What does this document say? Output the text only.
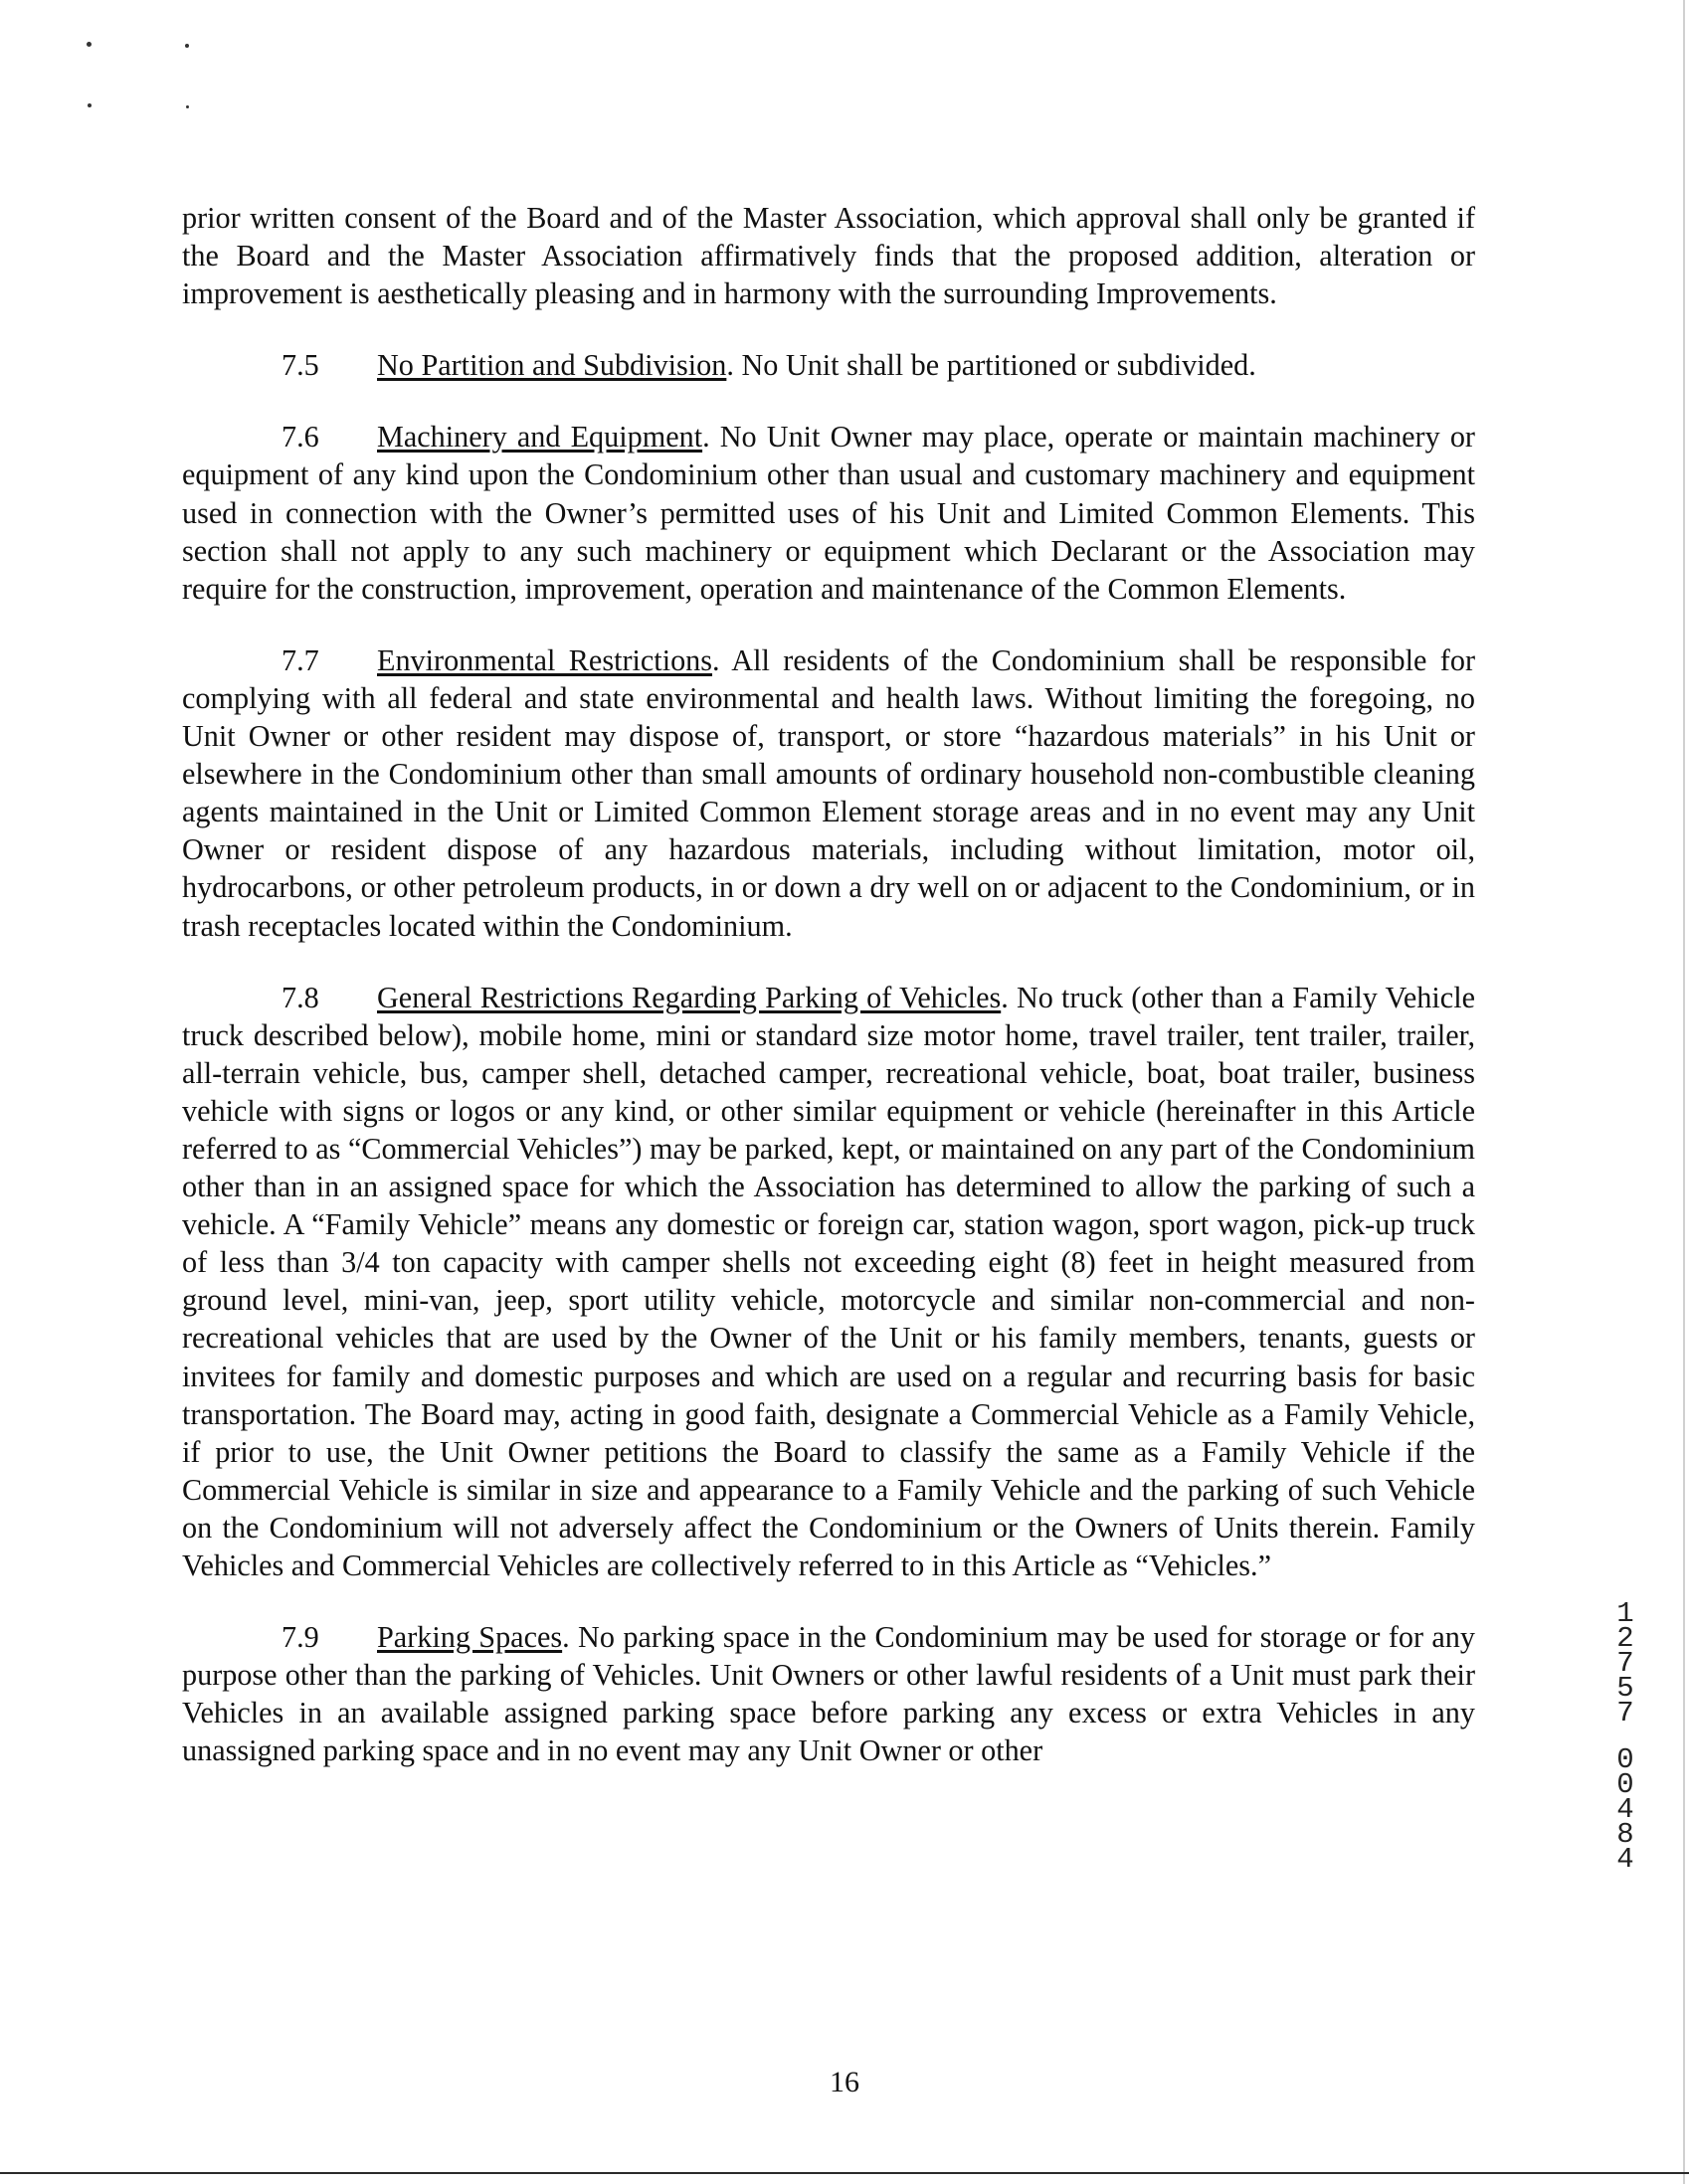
prior written consent of the Board and of the Master Association, which approval shall only be granted if the Board and the Master Association affirmatively finds that the proposed addition, alteration or improvement is aesthetically pleasing and in harmony with the surrounding Improvements.

7.5 No Partition and Subdivision. No Unit shall be partitioned or subdivided.

7.6 Machinery and Equipment. No Unit Owner may place, operate or maintain machinery or equipment of any kind upon the Condominium other than usual and customary machinery and equipment used in connection with the Owner’s permitted uses of his Unit and Limited Common Elements. This section shall not apply to any such machinery or equipment which Declarant or the Association may require for the construction, improvement, operation and maintenance of the Common Elements.

7.7 Environmental Restrictions. All residents of the Condominium shall be responsible for complying with all federal and state environmental and health laws. Without limiting the foregoing, no Unit Owner or other resident may dispose of, transport, or store “hazardous materials” in his Unit or elsewhere in the Condominium other than small amounts of ordinary household non-combustible cleaning agents maintained in the Unit or Limited Common Element storage areas and in no event may any Unit Owner or resident dispose of any hazardous materials, including without limitation, motor oil, hydrocarbons, or other petroleum products, in or down a dry well on or adjacent to the Condominium, or in trash receptacles located within the Condominium.

7.8 General Restrictions Regarding Parking of Vehicles. No truck (other than a Family Vehicle truck described below), mobile home, mini or standard size motor home, travel trailer, tent trailer, trailer, all-terrain vehicle, bus, camper shell, detached camper, recreational vehicle, boat, boat trailer, business vehicle with signs or logos or any kind, or other similar equipment or vehicle (hereinafter in this Article referred to as “Commercial Vehicles”) may be parked, kept, or maintained on any part of the Condominium other than in an assigned space for which the Association has determined to allow the parking of such a vehicle. A “Family Vehicle” means any domestic or foreign car, station wagon, sport wagon, pick-up truck of less than 3/4 ton capacity with camper shells not exceeding eight (8) feet in height measured from ground level, mini-van, jeep, sport utility vehicle, motorcycle and similar non-commercial and non-recreational vehicles that are used by the Owner of the Unit or his family members, tenants, guests or invitees for family and domestic purposes and which are used on a regular and recurring basis for basic transportation. The Board may, acting in good faith, designate a Commercial Vehicle as a Family Vehicle, if prior to use, the Unit Owner petitions the Board to classify the same as a Family Vehicle if the Commercial Vehicle is similar in size and appearance to a Family Vehicle and the parking of such Vehicle on the Condominium will not adversely affect the Condominium or the Owners of Units therein. Family Vehicles and Commercial Vehicles are collectively referred to in this Article as “Vehicles.”

7.9 Parking Spaces. No parking space in the Condominium may be used for storage or for any purpose other than the parking of Vehicles. Unit Owners or other lawful residents of a Unit must park their Vehicles in an available assigned parking space before parking any excess or extra Vehicles in any unassigned parking space and in no event may any Unit Owner or other

1
2
7
5
7
0
0
4
8
4
16
